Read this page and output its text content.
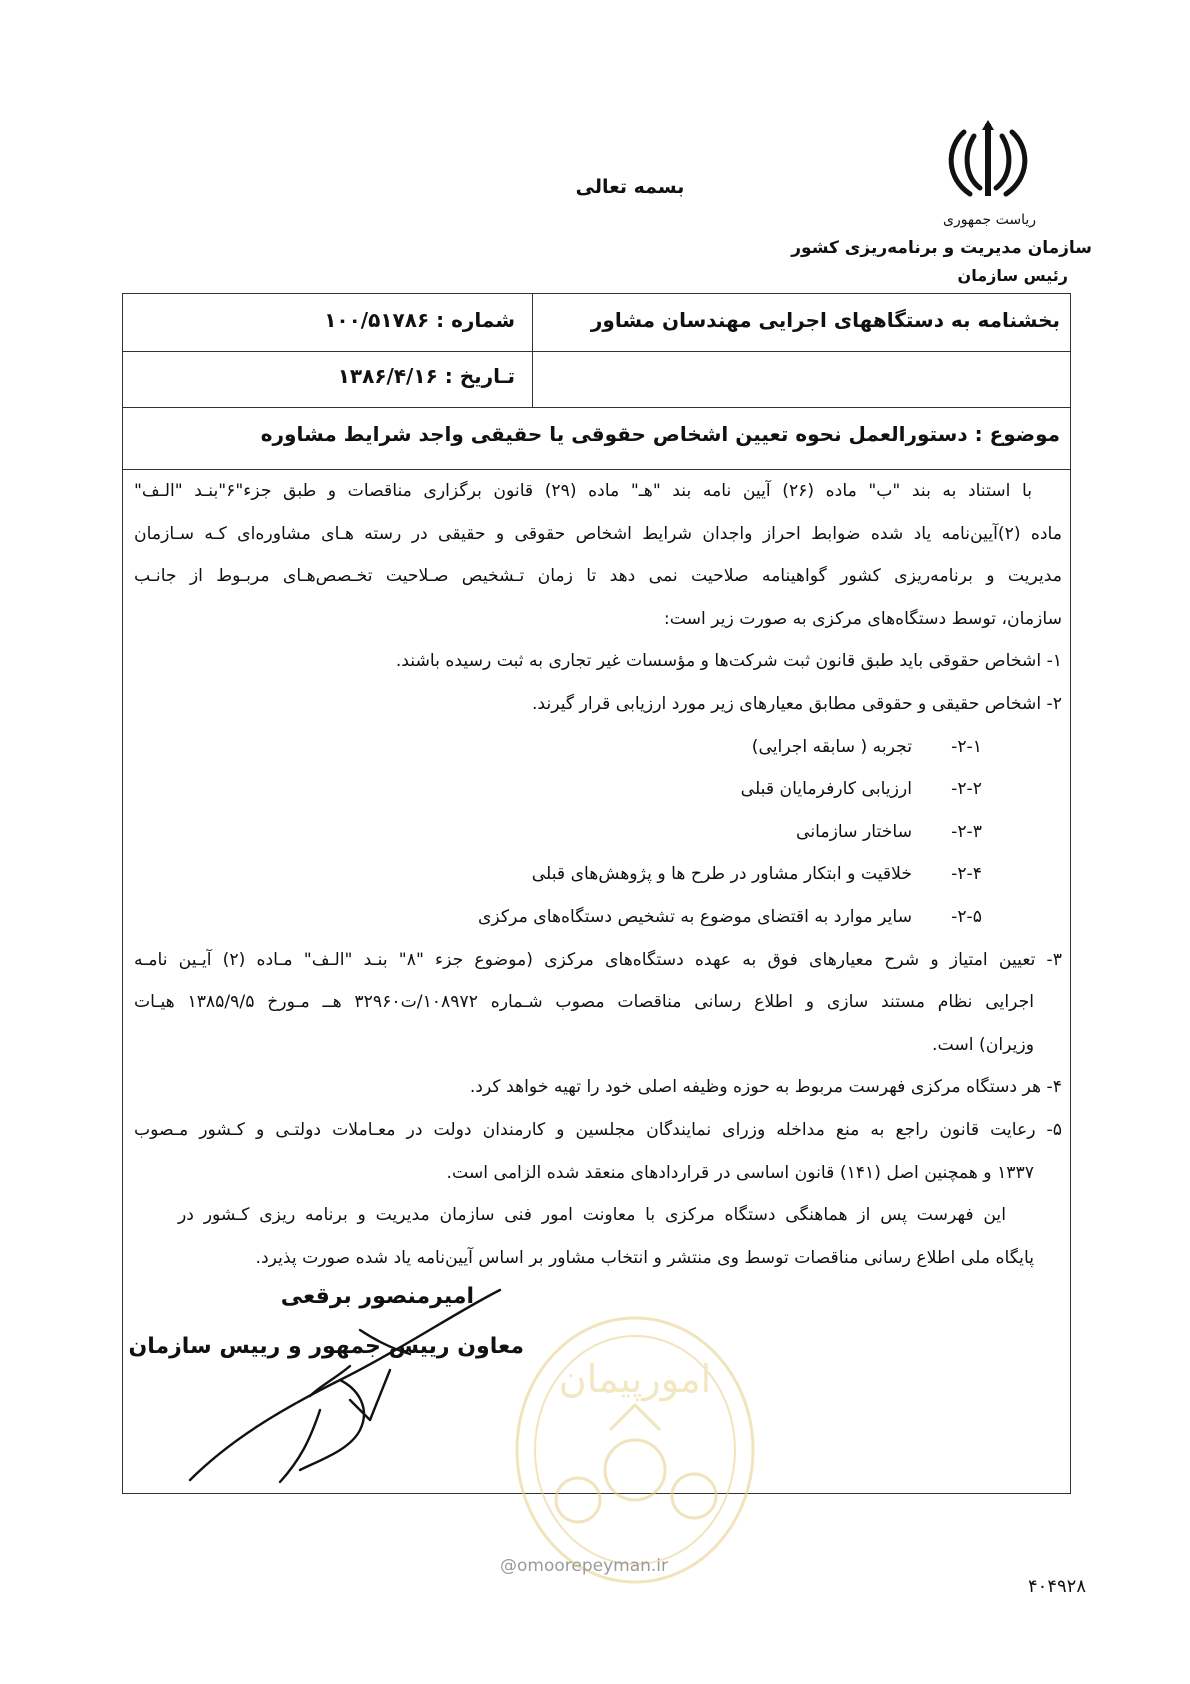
بسمه تعالی
ریاست جمهوری
سازمان مدیریت و برنامه‌ریزی کشور
رئیس سازمان
بخشنامه به دستگاههای اجرایی مهندسان مشاور
شماره : ۱۰۰/۵۱۷۸۶
تـاریخ : ۱۳۸۶/۴/۱۶
موضوع : دستورالعمل نحوه تعیین اشخاص حقوقی یا حقیقی واجد شرایط مشاوره

با استناد به بند "ب" ماده (۲۶) آیین نامه بند "هـ" ماده (۲۹) قانون برگزاری مناقصات و طبق جزء"۶"بنـد "الـف"

ماده (۲)آیین‌نامه یاد شده ضوابط احراز واجدان شرایط اشخاص حقوقی و حقیقی در رسته هـای مشاوره‌ای کـه سـازمان

مدیریت و برنامه‌ریزی کشور گواهینامه صلاحیت نمی دهد تا زمان تـشخیص صـلاحیت تخـصص‌هـای مربـوط از جانـب

سازمان، توسط دستگاه‌های مرکزی به صورت زیر است:

۱- اشخاص حقوقی باید طبق قانون ثبت شرکت‌ها و مؤسسات غیر تجاری به ثبت رسیده باشند.

۲- اشخاص حقیقی و حقوقی مطابق معیارهای زیر مورد ارزیابی قرار گیرند.

۲-۱-تجربه ( سابقه اجرایی)

۲-۲-ارزیابی کارفرمایان قبلی

۲-۳-ساختار سازمانی

۲-۴-خلاقیت و ابتکار مشاور در طرح ها و پژوهش‌های قبلی

۲-۵-سایر موارد به اقتضای موضوع به تشخیص دستگاه‌های مرکزی

۳- تعیین امتیاز و شرح معیارهای فوق به عهده دستگاه‌های مرکزی (موضوع جزء "۸" بنـد "الـف" مـاده (۲) آیـین نامـه

اجرایی نظام مستند سازی و اطلاع رسانی مناقصات مصوب شـماره ۱۰۸۹۷۲/ت۳۲۹۶۰ هــ مـورخ ۱۳۸۵/۹/۵ هیـات

وزیران) است.

۴- هر دستگاه مرکزی فهرست مربوط به حوزه وظیفه اصلی خود را تهیه خواهد کرد.

۵- رعایت قانون راجع به منع مداخله وزرای نمایندگان مجلسین و کارمندان دولت در معـاملات دولتـی و کـشور مـصوب

۱۳۳۷ و همچنین اصل (۱۴۱) قانون اساسی در قراردادهای منعقد شده الزامی است.

این فهرست پس از هماهنگی دستگاه مرکزی با معاونت امور فنی سازمان مدیریت و برنامه ریزی کـشور در

پایگاه ملی اطلاع رسانی مناقصات توسط وی منتشر و انتخاب مشاور بر اساس آیین‌نامه یاد شده صورت پذیرد.

امورپیمان
@omoorepeyman.ir
امیرمنصور برقعی
معاون رییس جمهور و رییس سازمان
۴۰۴۹۲۸
